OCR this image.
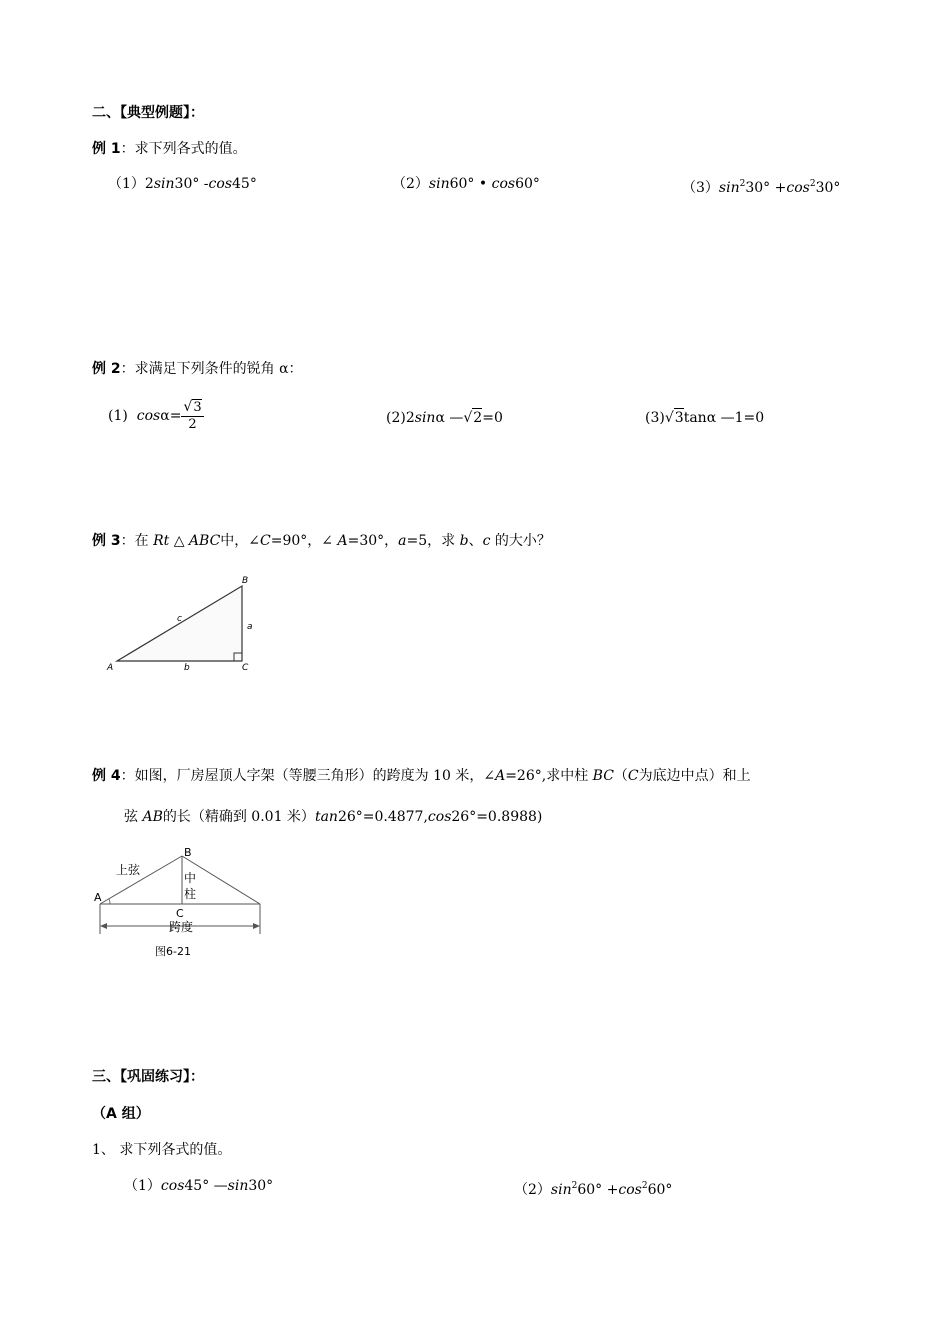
二、【典型例题】：
例 1：求下列各式的值。
（1）2sin30° -cos45°	（2）sin60° • cos60°	$(3)\sin^230^\circ +\cos^230^\circ$
例 2：求满足下列条件的锐角 α：
(1) $\cos\alpha= \frac{√3}{2}$	(2)2sinα —√2=0	(3)√3tanα —1=0
例 3：在 Rt △ ABC中，∠C=90°，∠ A=30°，a=5，求 b、c 的大小？
A
B
C
a
b
c
例 4：如图，厂房屋顶人字架（等腰三角形）的跨度为 10 米，∠A=26°,求中柱 BC（C为底边中点）和上
弦 AB的长（精确到 0.01 米）tan26°=0.4877,cos26°=0.8988)
A
B
C
上弦
中
柱
跨度
图6-21
三、【巩固练习】：
（A 组）
1、 求下列各式的值。
（1）cos45° —sin30°	$(2)\sin^260^\circ +\cos^260^\circ$
